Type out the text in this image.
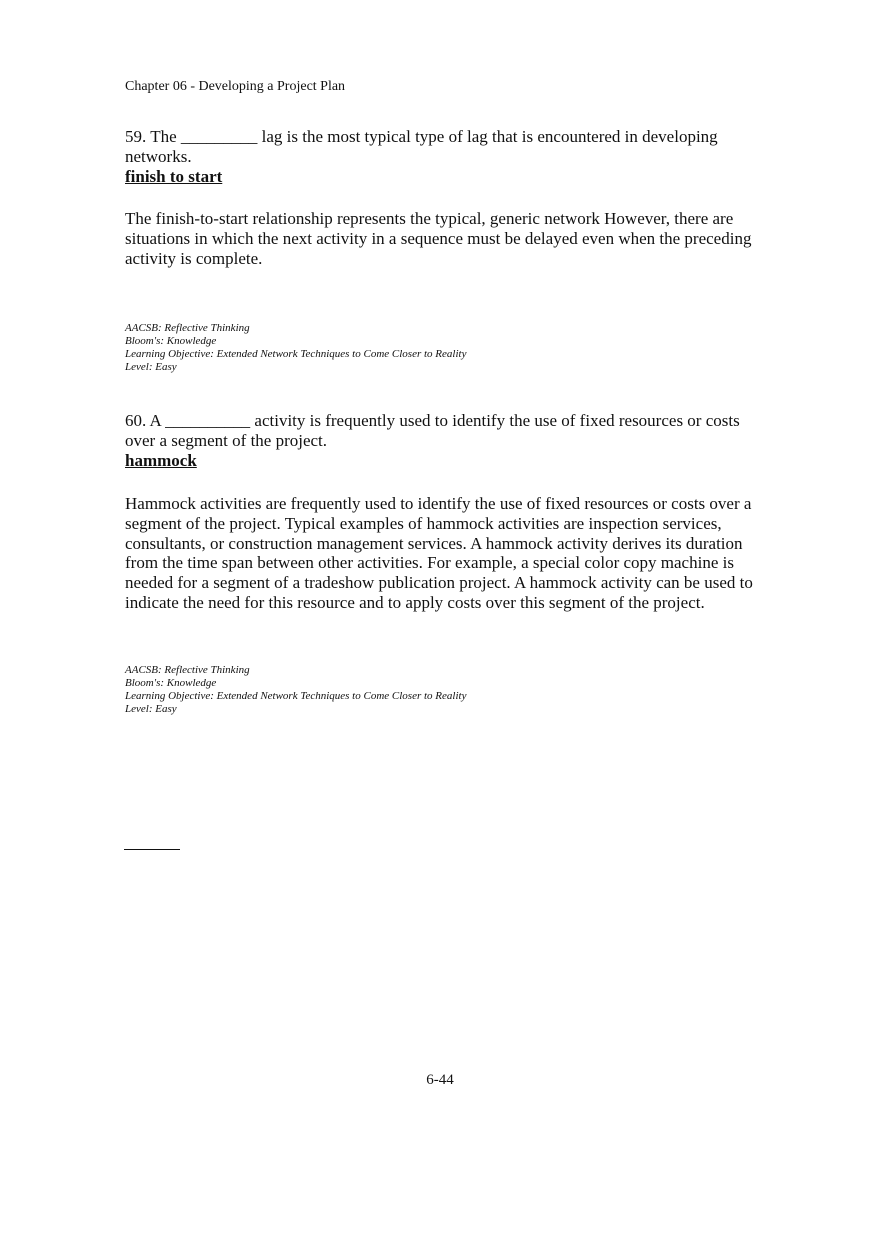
Chapter 06 - Developing a Project Plan
59. The _________ lag is the most typical type of lag that is encountered in developing networks.
finish to start
The finish-to-start relationship represents the typical, generic network However, there are situations in which the next activity in a sequence must be delayed even when the preceding activity is complete.
AACSB: Reflective Thinking
Bloom's: Knowledge
Learning Objective: Extended Network Techniques to Come Closer to Reality
Level: Easy
60. A __________ activity is frequently used to identify the use of fixed resources or costs over a segment of the project.
hammock
Hammock activities are frequently used to identify the use of fixed resources or costs over a segment of the project. Typical examples of hammock activities are inspection services, consultants, or construction management services. A hammock activity derives its duration from the time span between other activities. For example, a special color copy machine is needed for a segment of a tradeshow publication project. A hammock activity can be used to indicate the need for this resource and to apply costs over this segment of the project.
AACSB: Reflective Thinking
Bloom's: Knowledge
Learning Objective: Extended Network Techniques to Come Closer to Reality
Level: Easy
6-44
